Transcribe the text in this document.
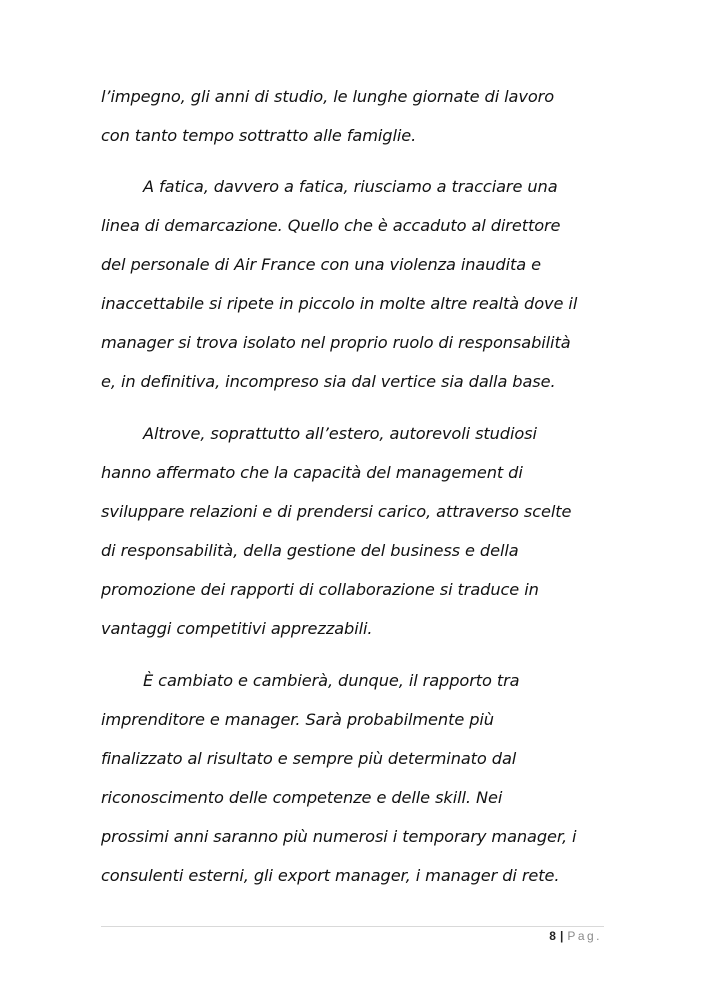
l’impegno, gli anni di studio, le lunghe giornate di lavoro
con tanto tempo sottratto alle famiglie.
A fatica, davvero a fatica, riusciamo a tracciare una
linea di demarcazione. Quello che è accaduto al direttore
del personale di Air France con una violenza inaudita e
inaccettabile si ripete in piccolo in molte altre realtà dove il
manager si trova isolato nel proprio ruolo di responsabilità
e, in definitiva, incompreso sia dal vertice sia dalla base.
Altrove, soprattutto all’estero, autorevoli studiosi
hanno affermato che la capacità del management di
sviluppare relazioni e di prendersi carico, attraverso scelte
di responsabilità, della gestione del business e della
promozione dei rapporti di collaborazione si traduce in
vantaggi competitivi apprezzabili.
È cambiato e cambierà, dunque, il rapporto tra
imprenditore e manager. Sarà probabilmente più
finalizzato al risultato e sempre più determinato dal
riconoscimento delle competenze e delle skill. Nei
prossimi anni saranno più numerosi i temporary manager, i
consulenti esterni, gli export manager, i manager di rete.
8 | Pag.
